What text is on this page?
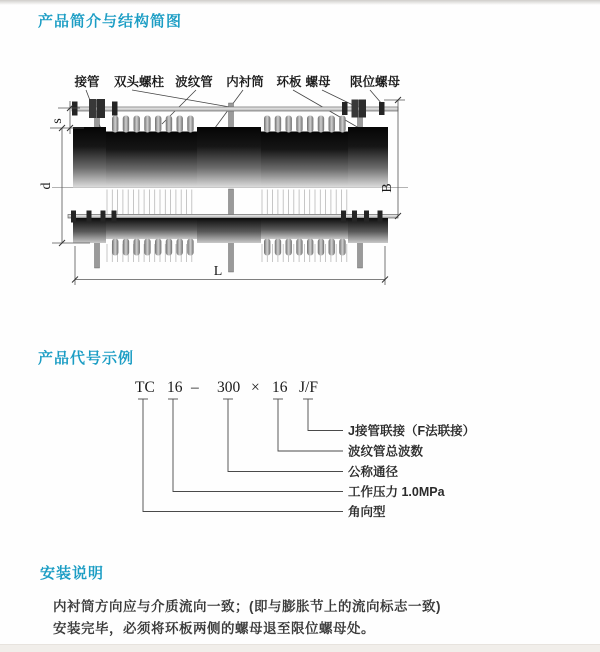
产品简介与结构简图
接管 双头螺柱 波纹管 内衬筒 环板 螺母 限位螺母
s
d	B
L
产品代号示例
TC 16 – 300 × 16 J/F
J接管联接（F法联接）
波纹管总波数
公称通径
工作压力 1.0MPa
角向型
安装说明
内衬筒方向应与介质流向一致；(即与膨胀节上的流向标志一致)
安装完毕，必须将环板两侧的螺母退至限位螺母处。
